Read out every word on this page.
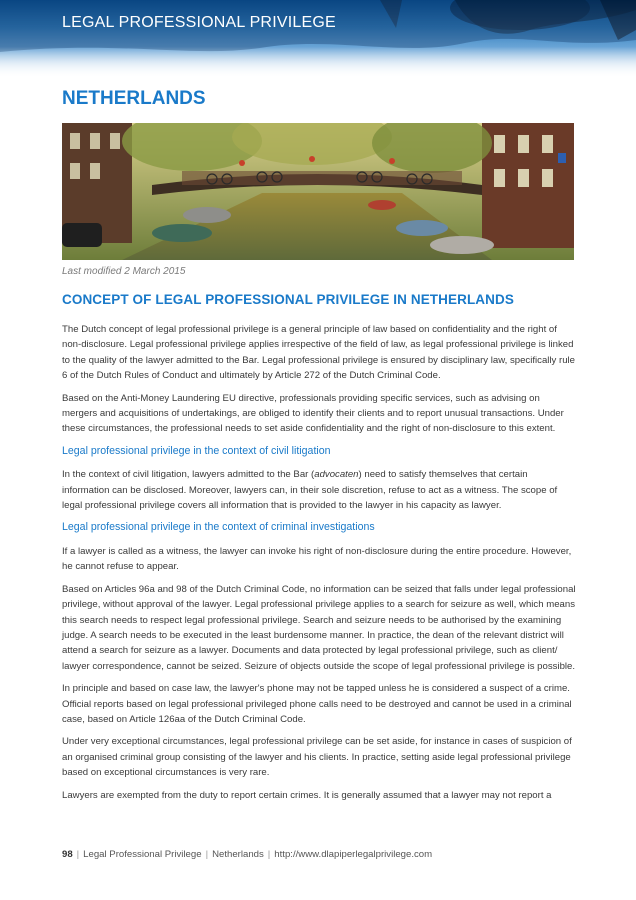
LEGAL PROFESSIONAL PRIVILEGE
NETHERLANDS
Last modified 2 March 2015
CONCEPT OF LEGAL PROFESSIONAL PRIVILEGE IN NETHERLANDS

The Dutch concept of legal professional privilege is a general principle of law based on confidentiality and the right of non-disclosure. Legal professional privilege applies irrespective of the field of law, as legal professional privilege is linked to the quality of the lawyer admitted to the Bar. Legal professional privilege is ensured by disciplinary law, specifically rule 6 of the Dutch Rules of Conduct and ultimately by Article 272 of the Dutch Criminal Code.

Based on the Anti-Money Laundering EU directive, professionals providing specific services, such as advising on mergers and acquisitions of undertakings, are obliged to identify their clients and to report unusual transactions. Under these circumstances, the professional needs to set aside confidentiality and the right of non-disclosure to this extent.

Legal professional privilege in the context of civil litigation

In the context of civil litigation, lawyers admitted to the Bar (advocaten) need to satisfy themselves that certain information can be disclosed. Moreover, lawyers can, in their sole discretion, refuse to act as a witness. The scope of legal professional privilege covers all information that is provided to the lawyer in his capacity as lawyer.

Legal professional privilege in the context of criminal investigations

If a lawyer is called as a witness, the lawyer can invoke his right of non-disclosure during the entire procedure. However, he cannot refuse to appear.

Based on Articles 96a and 98 of the Dutch Criminal Code, no information can be seized that falls under legal professional privilege, without approval of the lawyer. Legal professional privilege applies to a search for seizure as well, which means this search needs to respect legal professional privilege. Search and seizure needs to be authorised by the examining judge. A search needs to be executed in the least burdensome manner. In practice, the dean of the relevant district will attend a search for seizure as a lawyer. Documents and data protected by legal professional privilege, such as client/ lawyer correspondence, cannot be seized. Seizure of objects outside the scope of legal professional privilege is possible.

In principle and based on case law, the lawyer's phone may not be tapped unless he is considered a suspect of a crime. Official reports based on legal professional privileged phone calls need to be destroyed and cannot be used in a criminal case, based on Article 126aa of the Dutch Criminal Code.

Under very exceptional circumstances, legal professional privilege can be set aside, for instance in cases of suspicion of an organised criminal group consisting of the lawyer and his clients. In practice, setting aside legal professional privilege based on exceptional circumstances is very rare.

Lawyers are exempted from the duty to report certain crimes. It is generally assumed that a lawyer may not report a

98 | Legal Professional Privilege | Netherlands | http://www.dlapiperlegalprivilege.com
